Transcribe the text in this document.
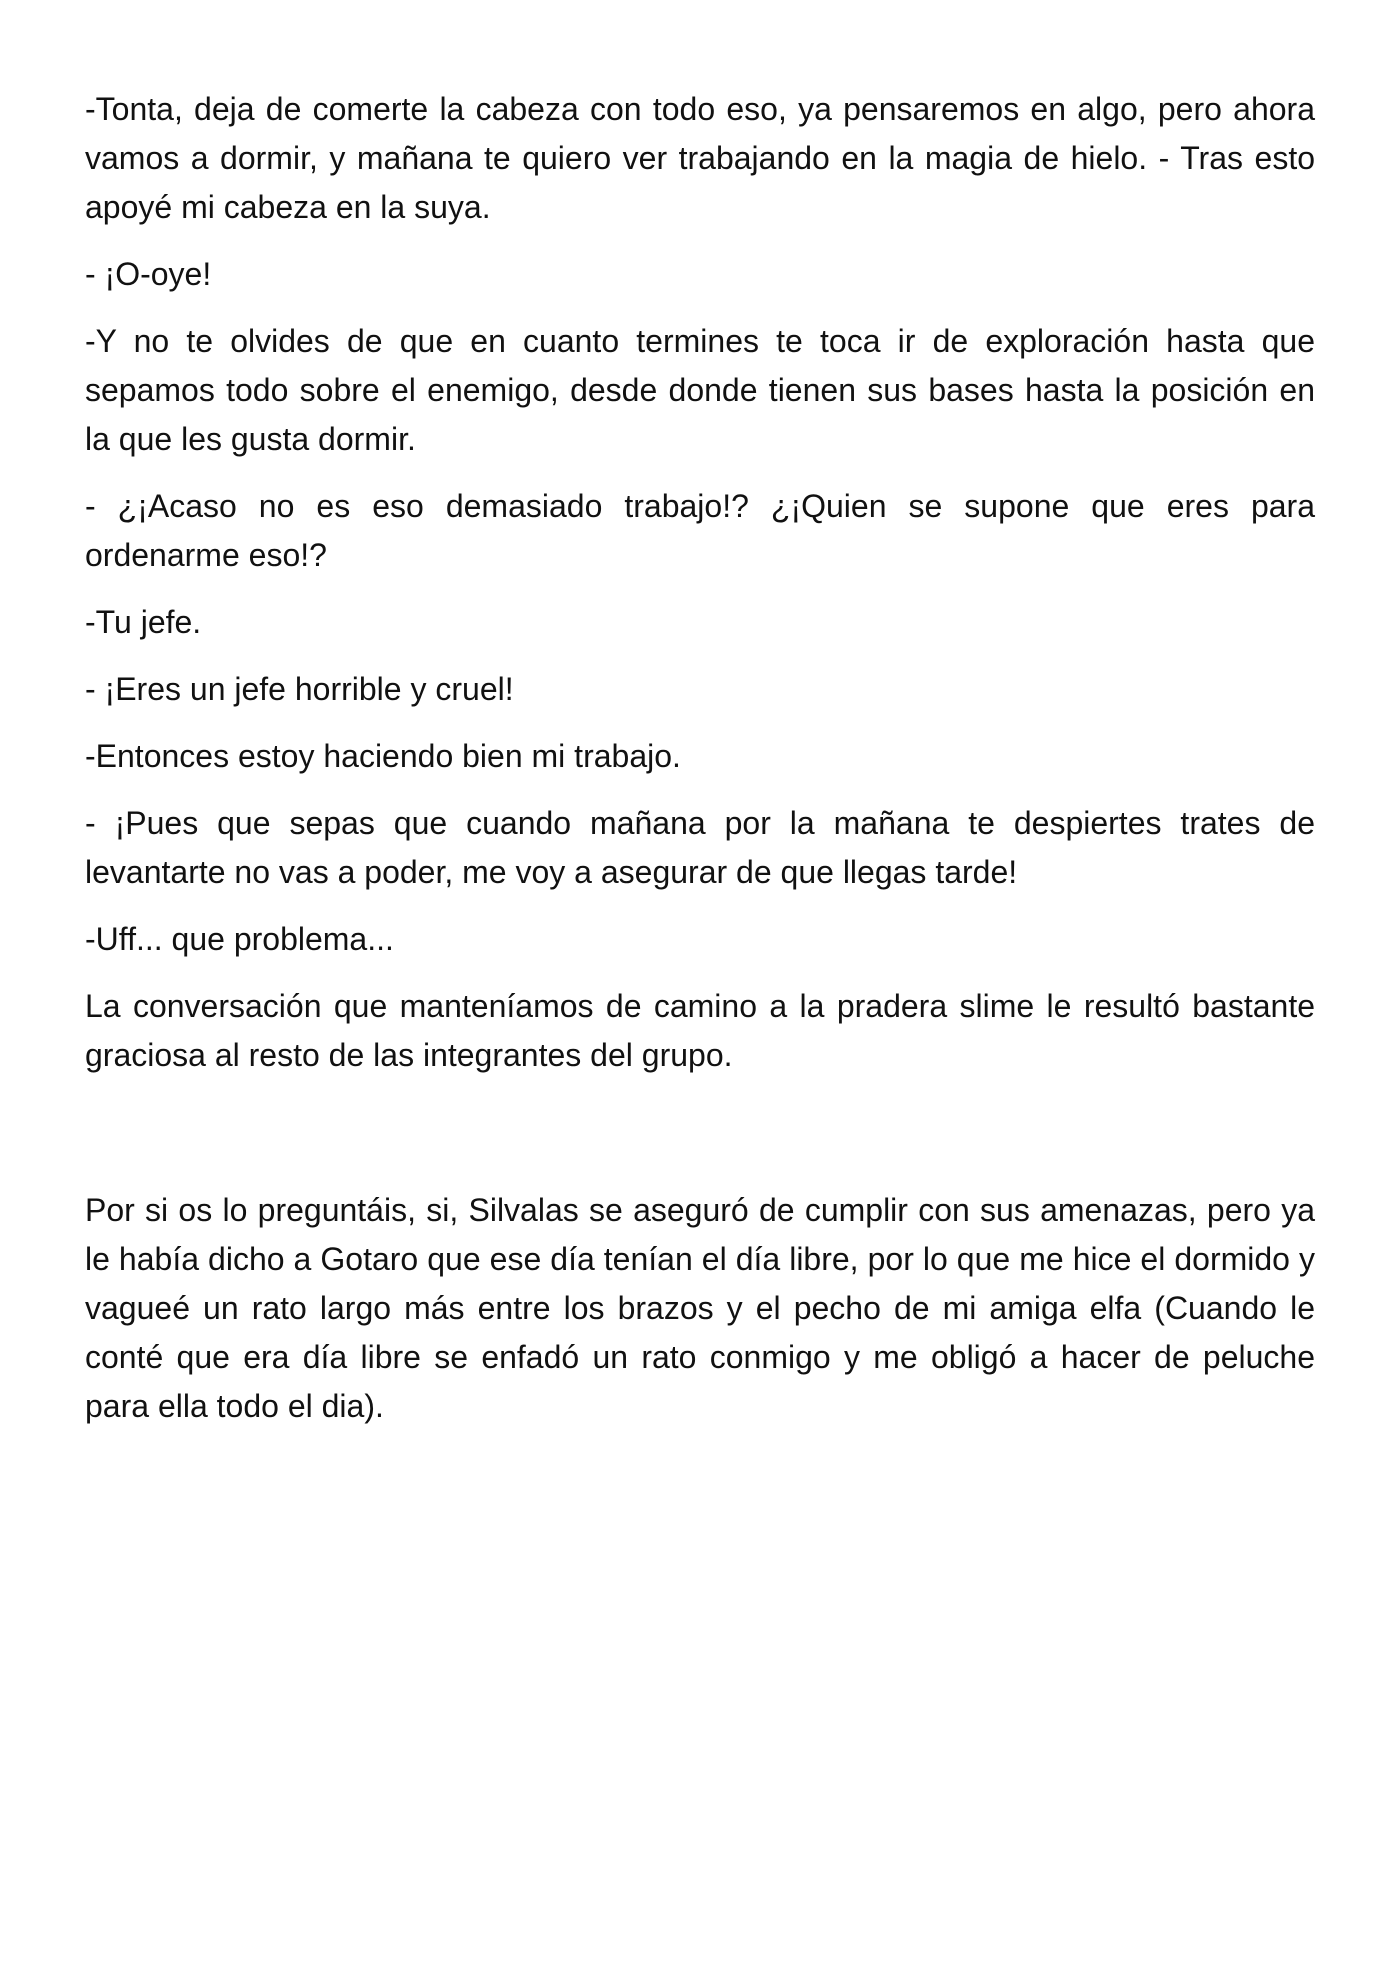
-Tonta, deja de comerte la cabeza con todo eso, ya pensaremos en algo, pero ahora vamos a dormir, y mañana te quiero ver trabajando en la magia de hielo. - Tras esto apoyé mi cabeza en la suya.

- ¡O-oye!

-Y no te olvides de que en cuanto termines te toca ir de exploración hasta que sepamos todo sobre el enemigo, desde donde tienen sus bases hasta la posición en la que les gusta dormir.

- ¿¡Acaso no es eso demasiado trabajo!? ¿¡Quien se supone que eres para ordenarme eso!?

-Tu jefe.

- ¡Eres un jefe horrible y cruel!

-Entonces estoy haciendo bien mi trabajo.

- ¡Pues que sepas que cuando mañana por la mañana te despiertes trates de levantarte no vas a poder, me voy a asegurar de que llegas tarde!

-Uff... que problema...

La conversación que manteníamos de camino a la pradera slime le resultó bastante graciosa al resto de las integrantes del grupo.

Por si os lo preguntáis, si, Silvalas se aseguró de cumplir con sus amenazas, pero ya le había dicho a Gotaro que ese día tenían el día libre, por lo que me hice el dormido y vagueé un rato largo más entre los brazos y el pecho de mi amiga elfa (Cuando le conté que era día libre se enfadó un rato conmigo y me obligó a hacer de peluche para ella todo el dia).
